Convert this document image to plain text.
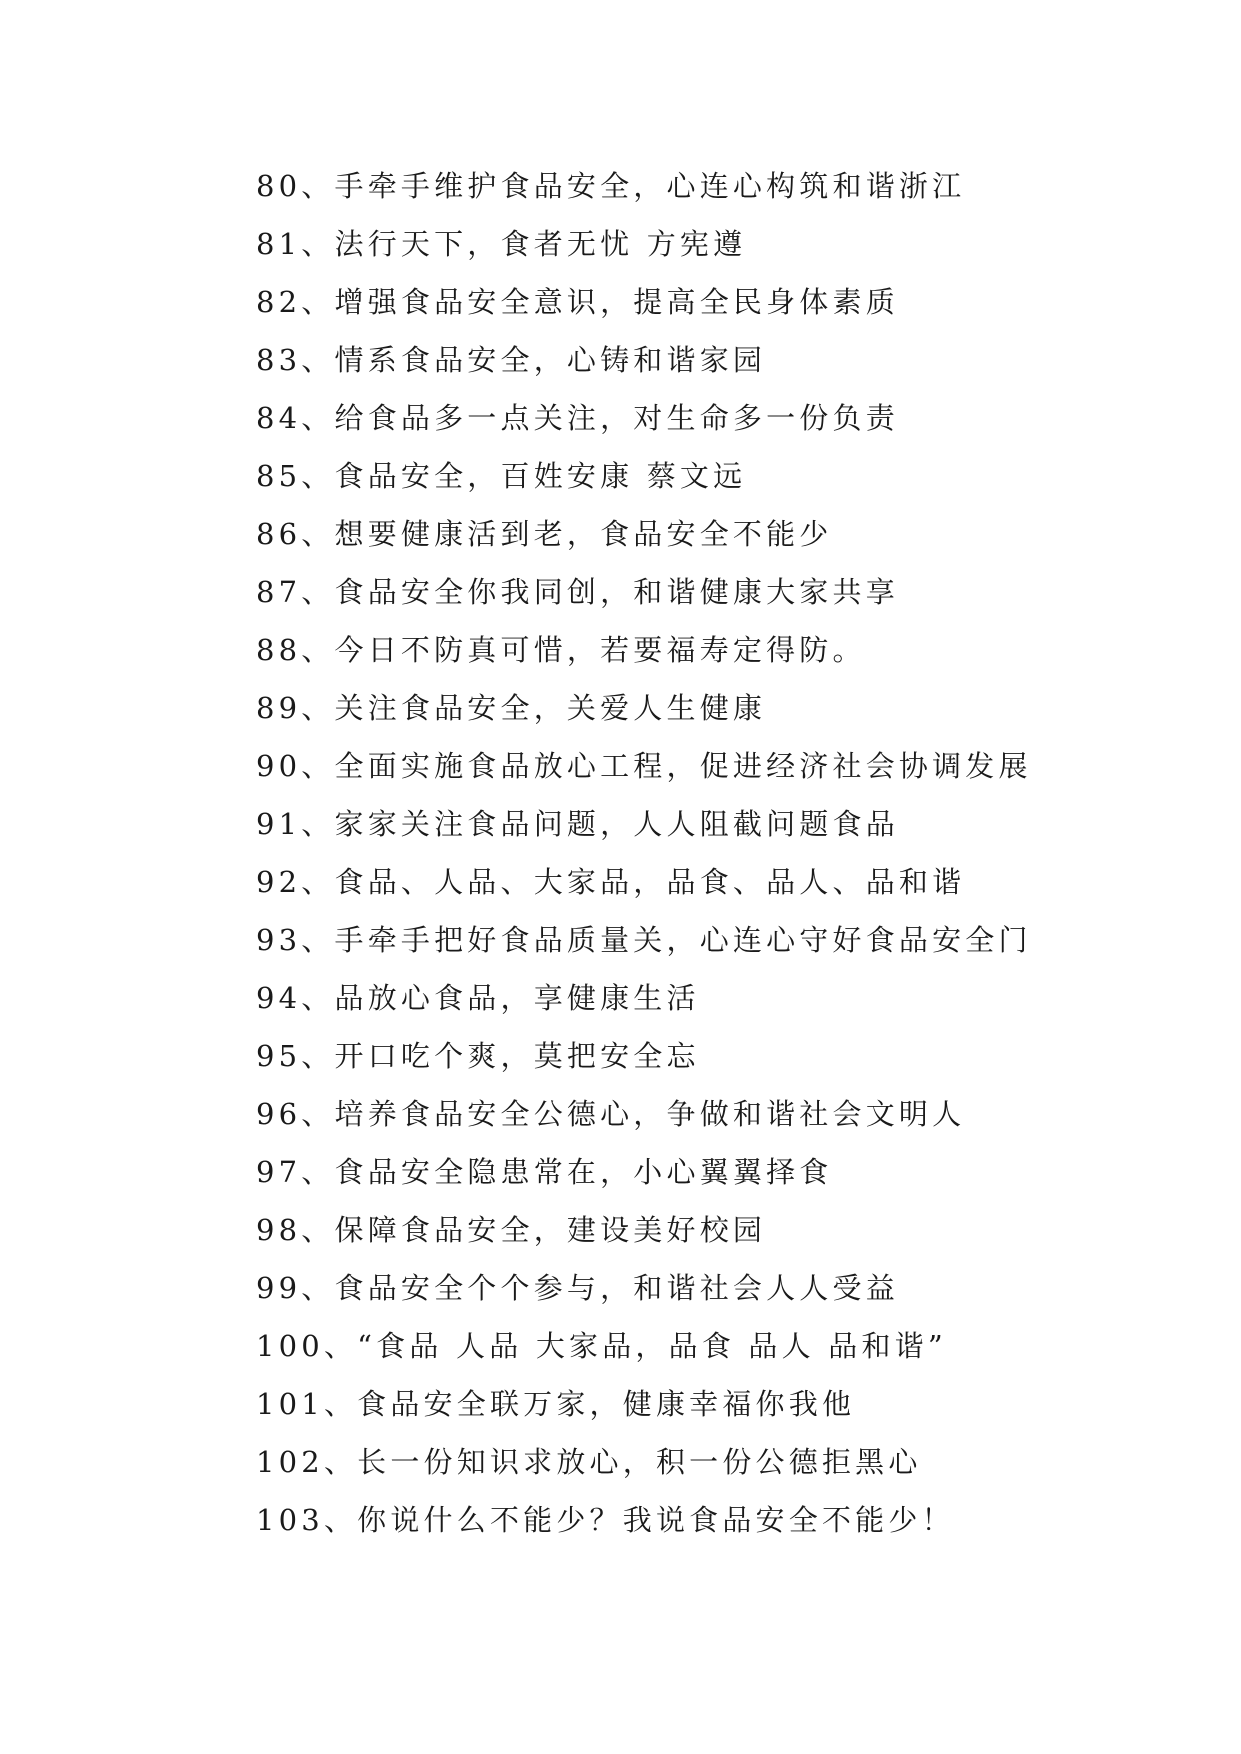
80、手牵手维护食品安全，心连心构筑和谐浙江
81、法行天下，食者无忧 方宪遵
82、增强食品安全意识，提高全民身体素质
83、情系食品安全，心铸和谐家园
84、给食品多一点关注，对生命多一份负责
85、食品安全，百姓安康 蔡文远
86、想要健康活到老，食品安全不能少
87、食品安全你我同创，和谐健康大家共享
88、今日不防真可惜，若要福寿定得防。
89、关注食品安全，关爱人生健康
90、全面实施食品放心工程，促进经济社会协调发展
91、家家关注食品问题，人人阻截问题食品
92、食品、人品、大家品，品食、品人、品和谐
93、手牵手把好食品质量关，心连心守好食品安全门
94、品放心食品，享健康生活
95、开口吃个爽，莫把安全忘
96、培养食品安全公德心，争做和谐社会文明人
97、食品安全隐患常在，小心翼翼择食
98、保障食品安全，建设美好校园
99、食品安全个个参与，和谐社会人人受益
100、“食品 人品 大家品，品食 品人 品和谐”
101、食品安全联万家，健康幸福你我他
102、长一份知识求放心，积一份公德拒黑心
103、你说什么不能少？我说食品安全不能少！
